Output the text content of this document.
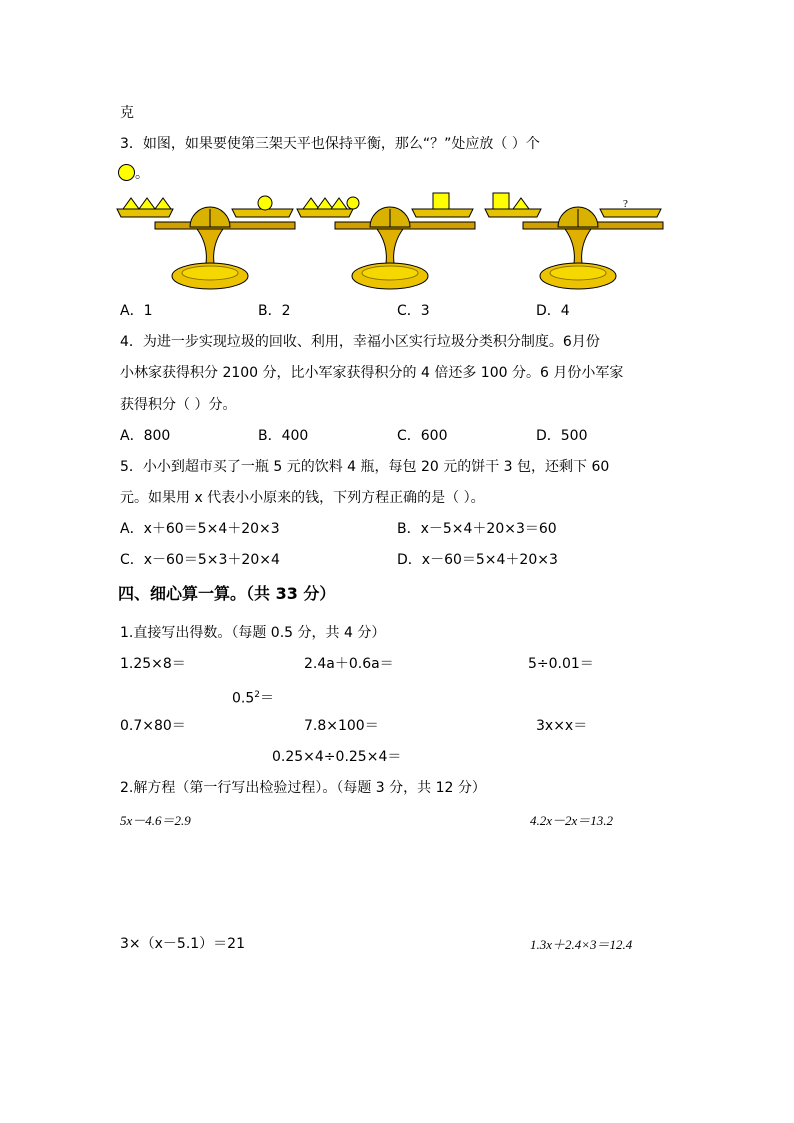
克
3．如图，如果要使第三架天平也保持平衡，那么“？”处应放（ ）个
。
?
A．1	B．2	C．3	D．4
4．为进一步实现垃圾的回收、利用，幸福小区实行垃圾分类积分制度。6月份
小林家获得积分 2100 分，比小军家获得积分的 4 倍还多 100 分。6 月份小军家
获得积分（ ）分。
A．800	B．400	C．600	D．500
5．小小到超市买了一瓶 5 元的饮料 4 瓶，每包 20 元的饼干 3 包，还剩下 60
元。如果用 x 代表小小原来的钱，下列方程正确的是（ ）。
A．x＋60＝5×4＋20×3	B．x－5×4＋20×3＝60
C．x－60＝5×3＋20×4	D．x－60＝5×4＋20×3
四、细心算一算。（共 33 分）
1.直接写出得数。（每题 0.5 分，共 4 分）
1.25×8＝	2.4a＋0.6a＝	5÷0.01＝
$0.5^2=$
0.7×80＝	7.8×100＝	3x×x＝
0.25×4÷0.25×4＝
2.解方程（第一行写出检验过程）。（每题 3 分，共 12 分）
5x－4.6＝2.9	4.2x－2x＝13.2
3×（x－5.1）＝21	1.3x＋2.4×3＝12.4
